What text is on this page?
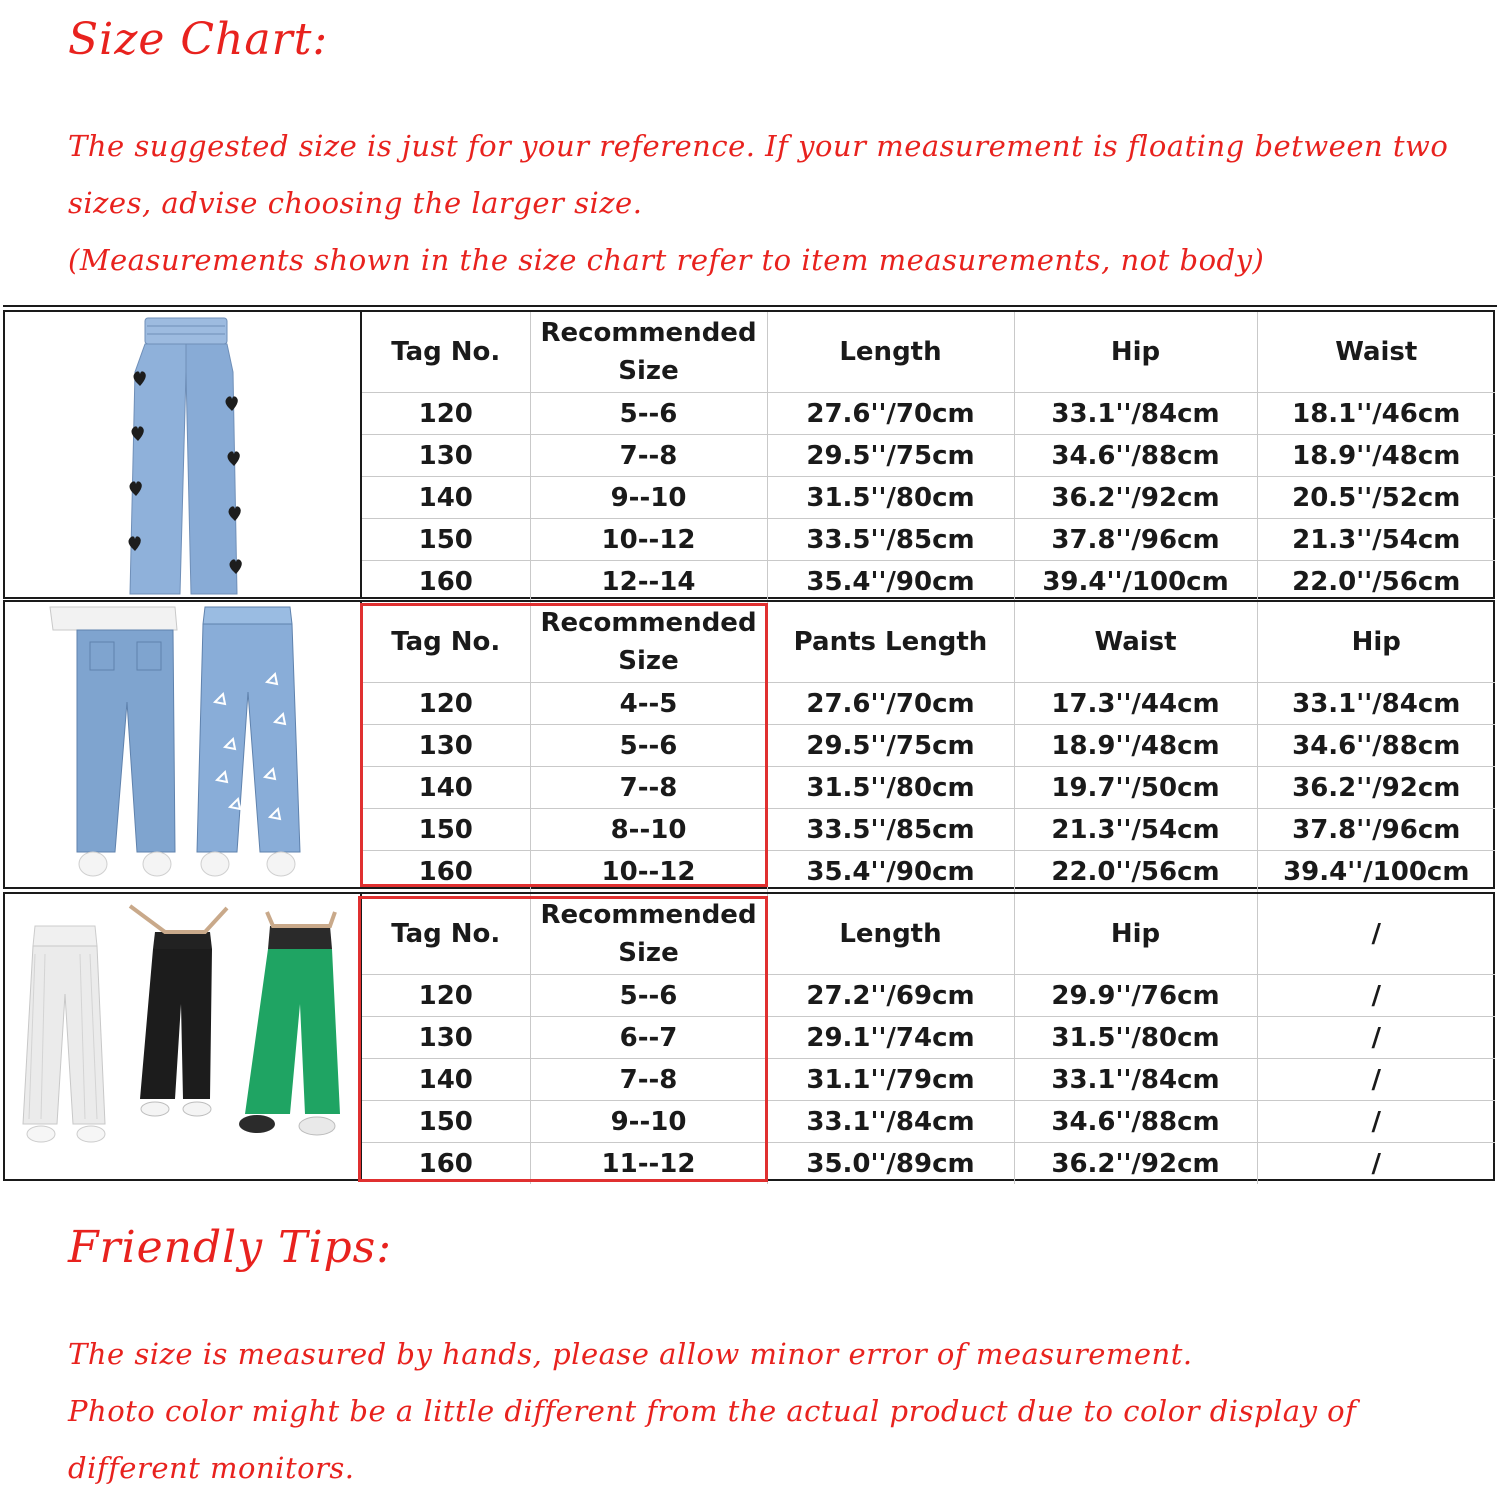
Size Chart:
The suggested size is just for your reference. If your measurement is floating between two
sizes, advise choosing the larger size.
(Measurements shown in the size chart refer to item measurements, not body)
Tag No.	Recommended Size	Length	Hip	Waist
120	5--6	27.6''/70cm	33.1''/84cm	18.1''/46cm
130	7--8	29.5''/75cm	34.6''/88cm	18.9''/48cm
140	9--10	31.5''/80cm	36.2''/92cm	20.5''/52cm
150	10--12	33.5''/85cm	37.8''/96cm	21.3''/54cm
160	12--14	35.4''/90cm	39.4''/100cm	22.0''/56cm
Tag No.	Recommended Size	Pants Length	Waist	Hip
120	4--5	27.6''/70cm	17.3''/44cm	33.1''/84cm
130	5--6	29.5''/75cm	18.9''/48cm	34.6''/88cm
140	7--8	31.5''/80cm	19.7''/50cm	36.2''/92cm
150	8--10	33.5''/85cm	21.3''/54cm	37.8''/96cm
160	10--12	35.4''/90cm	22.0''/56cm	39.4''/100cm
Tag No.	Recommended Size	Length	Hip	/
120	5--6	27.2''/69cm	29.9''/76cm	/
130	6--7	29.1''/74cm	31.5''/80cm	/
140	7--8	31.1''/79cm	33.1''/84cm	/
150	9--10	33.1''/84cm	34.6''/88cm	/
160	11--12	35.0''/89cm	36.2''/92cm	/
Friendly Tips:
The size is measured by hands, please allow minor error of measurement.
Photo color might be a little different from the actual product due to color display of
different monitors.
